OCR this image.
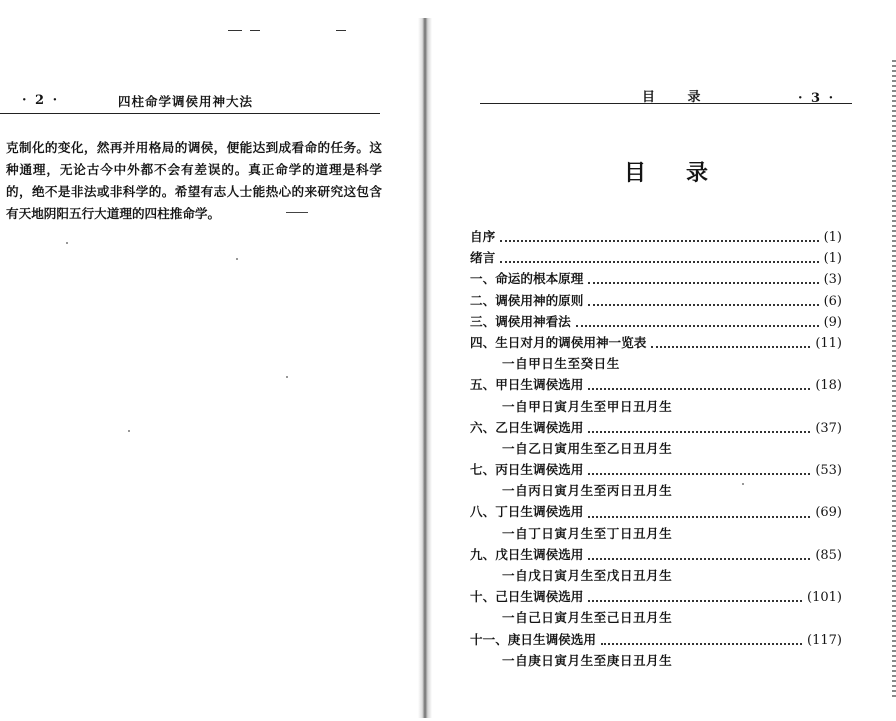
· 2 ·	四柱命学调侯用神大法

克制化的变化，然再并用格局的调侯，便能达到成看命的任务。这种通理，无论古今中外都不会有差误的。真正命学的道理是科学的，绝不是非法或非科学的。希望有志人士能热心的来研究这包含有天地阴阳五行大道理的四柱推命学。

目 录	· 3 ·
目录
自序	(1)
绪言	(1)
一、命运的根本原理	(3)
二、调侯用神的原则	(6)
三、调侯用神看法	(9)
四、生日对月的调侯用神一览表	(11)
一自甲日生至癸日生
五、甲日生调侯选用	(18)
一自甲日寅月生至甲日丑月生
六、乙日生调侯选用	(37)
一自乙日寅用生至乙日丑月生
七、丙日生调侯选用	(53)
一自丙日寅月生至丙日丑月生
八、丁日生调侯选用	(69)
一自丁日寅月生至丁日丑月生
九、戊日生调侯选用	(85)
一自戊日寅月生至戊日丑月生
十、己日生调侯选用	(101)
一自己日寅月生至己日丑月生
十一、庚日生调侯选用	(117)
一自庚日寅月生至庚日丑月生
